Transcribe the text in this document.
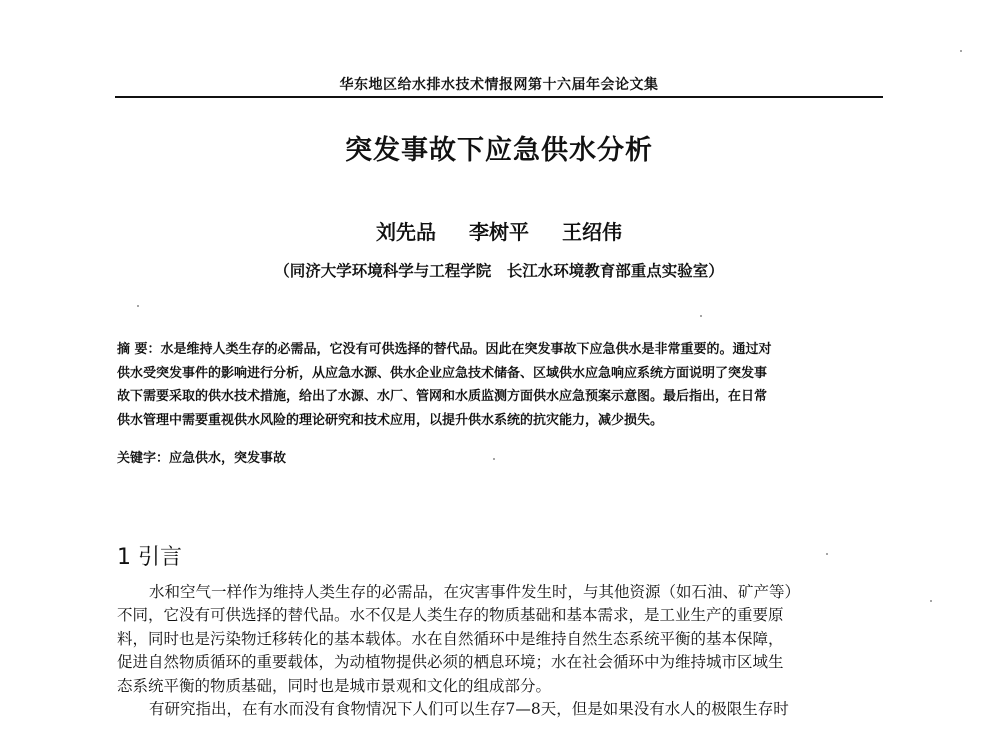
华东地区给水排水技术情报网第十六届年会论文集
突发事故下应急供水分析
刘先品 李树平 王绍伟
（同济大学环境科学与工程学院　长江水环境教育部重点实验室）

摘 要：水是维持人类生存的必需品，它没有可供选择的替代品。因此在突发事故下应急供水是非常重要的。通过对
供水受突发事件的影响进行分析，从应急水源、供水企业应急技术储备、区域供水应急响应系统方面说明了突发事
故下需要采取的供水技术措施，给出了水源、水厂、管网和水质监测方面供水应急预案示意图。最后指出，在日常
供水管理中需要重视供水风险的理论研究和技术应用，以提升供水系统的抗灾能力，减少损失。

关键字：应急供水，突发事故
1 引言

水和空气一样作为维持人类生存的必需品，在灾害事件发生时，与其他资源（如石油、矿产等）
不同，它没有可供选择的替代品。水不仅是人类生存的物质基础和基本需求，是工业生产的重要原
料，同时也是污染物迁移转化的基本载体。水在自然循环中是维持自然生态系统平衡的基本保障，
促进自然物质循环的重要载体，为动植物提供必须的栖息环境；水在社会循环中为维持城市区域生
态系统平衡的物质基础，同时也是城市景观和文化的组成部分。
有研究指出，在有水而没有食物情况下人们可以生存7—8天，但是如果没有水人的极限生存时
